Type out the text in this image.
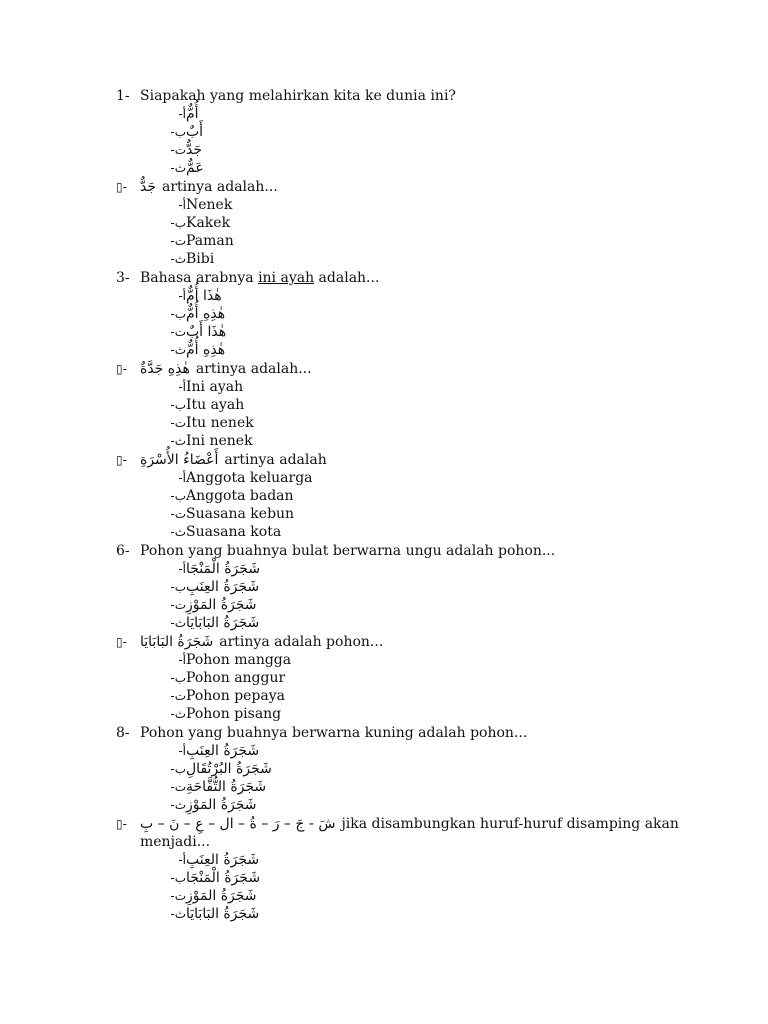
1- Siapakah yang melahirkan kita ke dunia ini?
أ- أُمٌّ
ب- أَبٌ
ت- جَدٌّ
ث- عَمٌّ
▯- جَدٌّ artinya adalah...
أ- Nenek
ب- Kakek
ت- Paman
ث- Bibi
3- Bahasa arabnya ini ayah adalah...
أ- هٰذَا أُمٌّ
ب- هٰذِهِ أُمٌّ
ت- هٰذَا أَبٌ
ث- هٰذِهِ أُمٌّ
▯- هٰذِهِ جَدَّةٌ artinya adalah...
أ- Ini ayah
ب- Itu ayah
ت- Itu nenek
ث- Ini nenek
▯- أَعْضَاءُ الأُسْرَةِ artinya adalah
أ- Anggota keluarga
ب- Anggota badan
ت- Suasana kebun
ث- Suasana kota
6- Pohon yang buahnya bulat berwarna ungu adalah pohon...
أ- شَجَرَةُ الْمَنْجَا
ب- شَجَرَةُ العِنَبِ
ت- شَجَرَةُ المَوْزِ
ث- شَجَرَةُ البَابَايَا
▯- شَجَرَةُ البَابَايَا artinya adalah pohon...
أ- Pohon mangga
ب- Pohon anggur
ت- Pohon pepaya
ث- Pohon pisang
8- Pohon yang buahnya berwarna kuning adalah pohon...
أ- شَجَرَةُ العِنَبِ
ب- شَجَرَةُ البُرْتُقَالِ
ت- شَجَرَةُ التُّفَّاحَةِ
ث- شَجَرَةُ المَوْزِ
▯- شَ - جَ – رَ – ةُ – ال – عِ – نَ – بِ jika disambungkan huruf-huruf disamping akan
menjadi...
أ- شَجَرَةُ العِنَبِ
ب- شَجَرَةُ الْمَنْجَا
ت- شَجَرَةُ المَوْزِ
ث- شَجَرَةُ البَابَايَا
